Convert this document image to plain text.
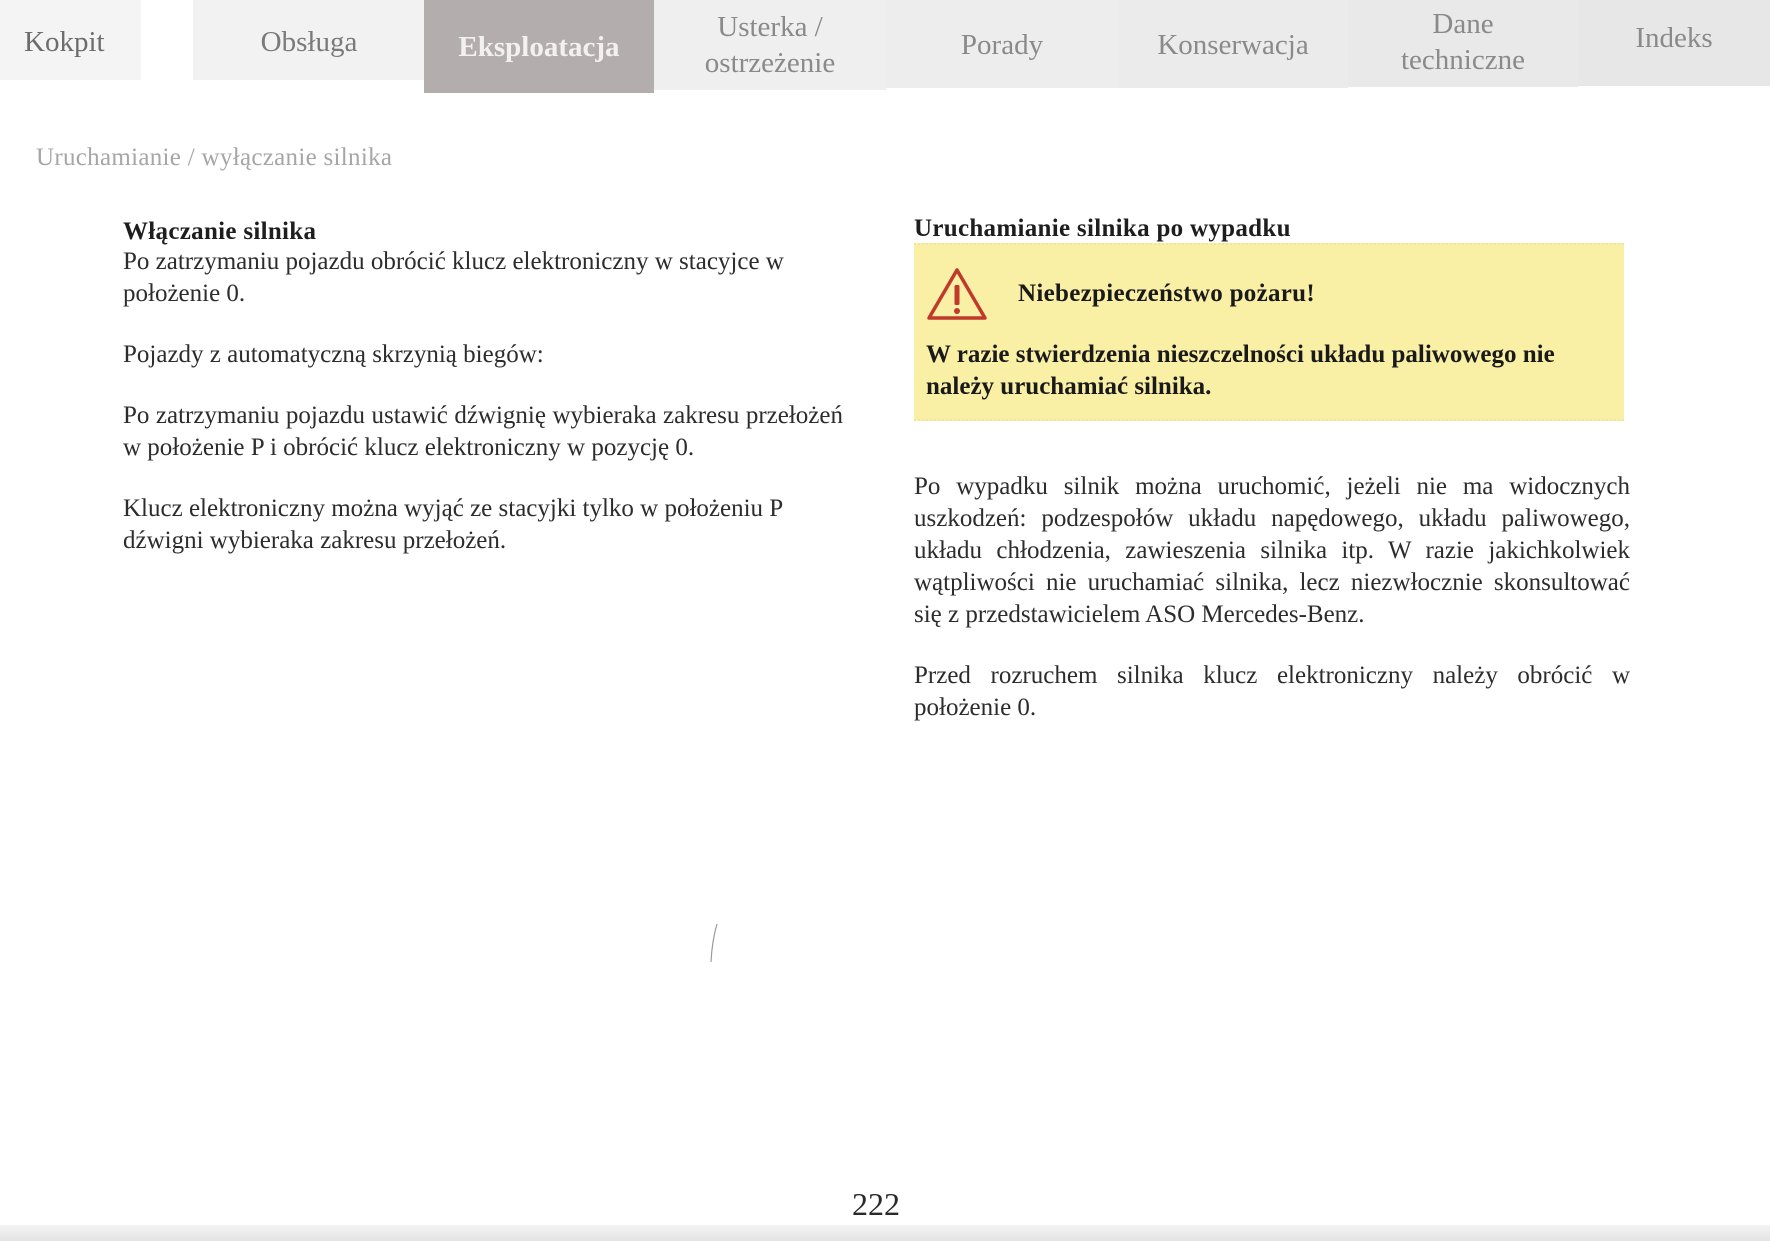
Kokpit	Obsługa	Eksploatacja
Usterka /
ostrzeżenie
Porady	Konserwacja
Dane
techniczne
Indeks
Uruchamianie / wyłączanie silnika
Włączanie silnika

Po zatrzymaniu pojazdu obrócić klucz elektroniczny w stacyjce w położenie 0.

Pojazdy z automatyczną skrzynią biegów:

Po zatrzymaniu pojazdu ustawić dźwignię wybieraka zakresu przełożeń w położenie P i obrócić klucz elektroniczny w pozycję 0.

Klucz elektroniczny można wyjąć ze stacyjki tylko w położeniu P dźwigni wybieraka zakresu przełożeń.

Uruchamianie silnika po wypadku
Niebezpieczeństwo pożaru!
W razie stwierdzenia nieszczelności układu paliwowego nie należy uruchamiać silnika.

Po wypadku silnik można uruchomić, jeżeli nie ma widocznych uszkodzeń: podzespołów układu napędowego, układu paliwowego, układu chłodzenia, zawieszenia silnika itp. W razie jakichkolwiek wątpliwości nie uruchamiać silnika, lecz niezwłocznie skonsultować się z przedstawicielem ASO Mercedes-Benz.

Przed rozruchem silnika klucz elektroniczny należy obrócić w położenie 0.

222
